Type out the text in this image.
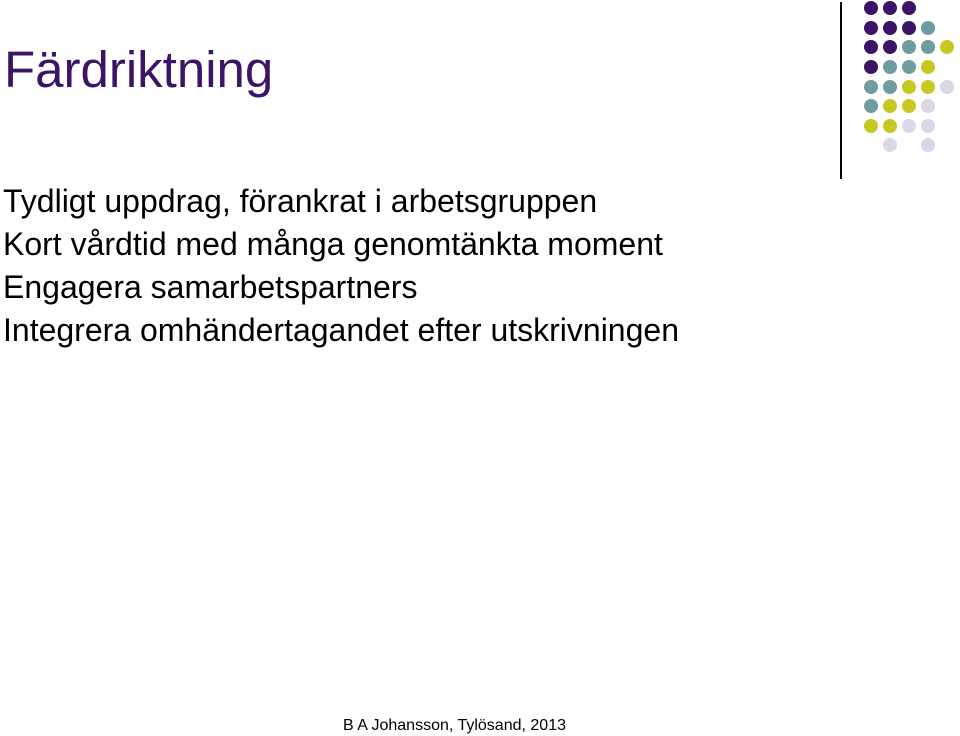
Färdriktning
Tydligt uppdrag, förankrat i arbetsgruppen
Kort vårdtid med många genomtänkta moment
Engagera samarbetspartners
Integrera omhändertagandet efter utskrivningen
B A Johansson, Tylösand, 2013
